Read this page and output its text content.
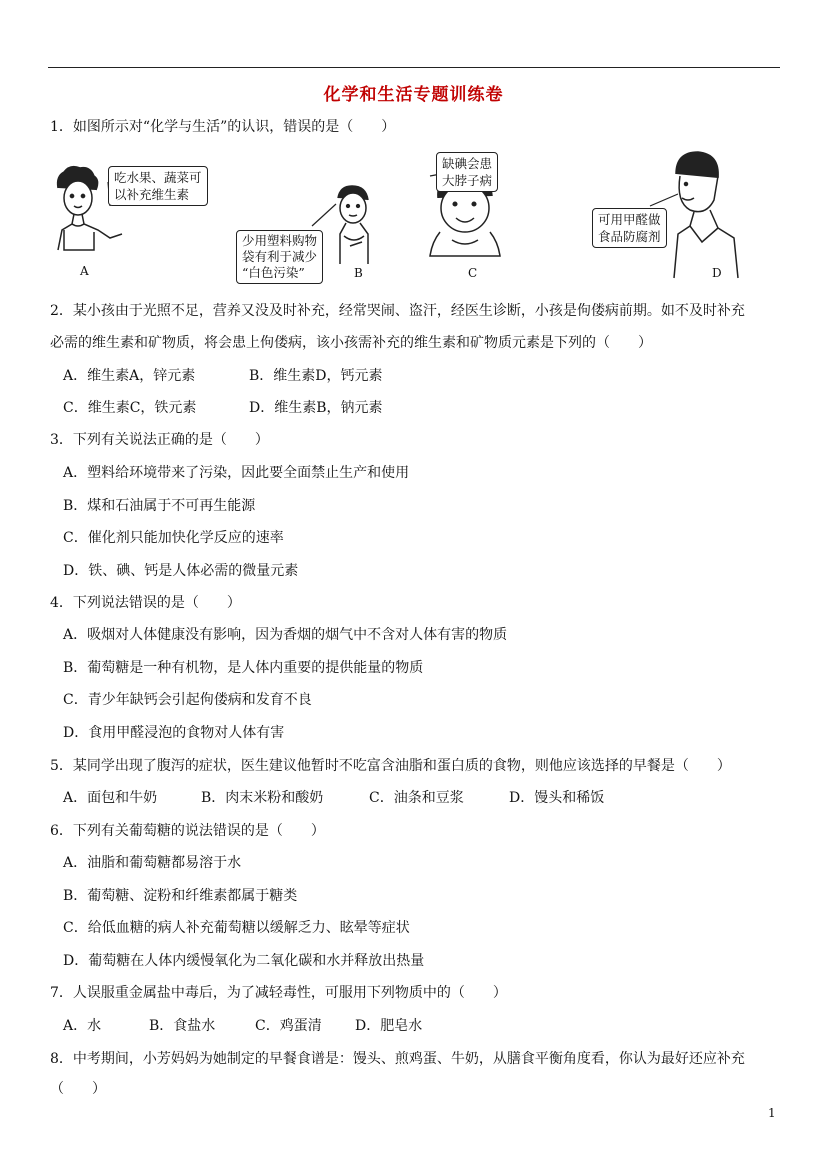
化学和生活专题训练卷
1．如图所示对“化学与生活”的认识，错误的是（　　）
吃水果、蔬菜可
以补充维生素
A
少用塑料购物
袋有利于减少
“白色污染”	B
缺碘会患
大脖子病
C
可用甲醛做
食品防腐剂
D
2．某小孩由于光照不足，营养又没及时补充，经常哭闹、盗汗，经医生诊断，小孩是佝偻病前期。如不及时补充
必需的维生素和矿物质，将会患上佝偻病，该小孩需补充的维生素和矿物质元素是下列的（　　）
A．维生素A，锌元素	B．维生素D，钙元素
C．维生素C，铁元素	D．维生素B，钠元素
3．下列有关说法正确的是（　　）
A．塑料给环境带来了污染，因此要全面禁止生产和使用
B．煤和石油属于不可再生能源
C．催化剂只能加快化学反应的速率
D．铁、碘、钙是人体必需的微量元素
4．下列说法错误的是（　　）
A．吸烟对人体健康没有影响，因为香烟的烟气中不含对人体有害的物质
B．葡萄糖是一种有机物，是人体内重要的提供能量的物质
C．青少年缺钙会引起佝偻病和发育不良
D．食用甲醛浸泡的食物对人体有害
5．某同学出现了腹泻的症状，医生建议他暂时不吃富含油脂和蛋白质的食物，则他应该选择的早餐是（　　）
A．面包和牛奶	B．肉末米粉和酸奶	C．油条和豆浆	D．馒头和稀饭
6．下列有关葡萄糖的说法错误的是（　　）
A．油脂和葡萄糖都易溶于水
B．葡萄糖、淀粉和纤维素都属于糖类
C．给低血糖的病人补充葡萄糖以缓解乏力、眩晕等症状
D．葡萄糖在人体内缓慢氧化为二氧化碳和水并释放出热量
7．人误服重金属盐中毒后，为了减轻毒性，可服用下列物质中的（　　）
A．水	B．食盐水	C．鸡蛋清 D．肥皂水
8．中考期间，小芳妈妈为她制定的早餐食谱是：馒头、煎鸡蛋、牛奶，从膳食平衡角度看，你认为最好还应补充
（　　）
1
